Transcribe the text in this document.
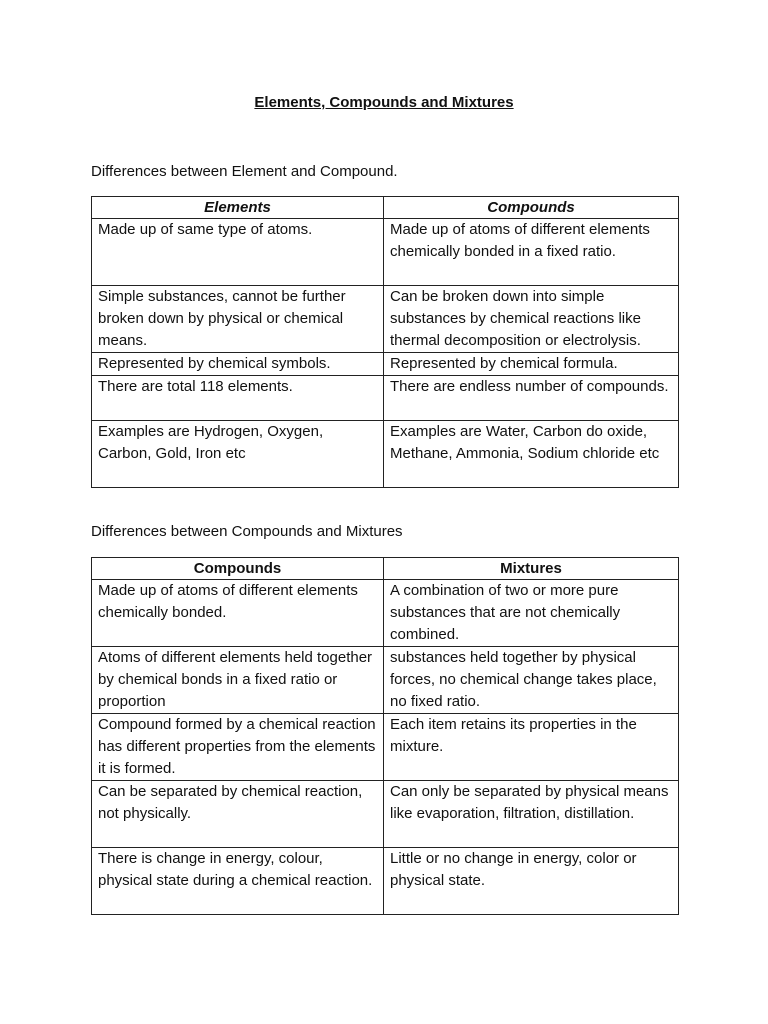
Elements, Compounds and Mixtures
Differences between Element and Compound.
Elements	Compounds
Made up of same type of atoms.	Made up of atoms of different elements chemically bonded in a fixed ratio.
Simple substances, cannot be further broken down by physical or chemical means.	Can be broken down into simple substances by chemical reactions like thermal decomposition or electrolysis.
Represented by chemical symbols.	Represented by chemical formula.
There are total 118 elements.	There are endless number of compounds.
Examples are Hydrogen, Oxygen, Carbon, Gold, Iron etc	Examples are Water, Carbon do oxide, Methane, Ammonia, Sodium chloride etc
Differences between Compounds and Mixtures
Compounds	Mixtures
Made up of atoms of different elements chemically bonded.	A combination of two or more pure substances that are not chemically combined.
Atoms of different elements held together by chemical bonds in a fixed ratio or proportion	substances held together by physical forces, no chemical change takes place, no fixed ratio.
Compound formed by a chemical reaction has different properties from the elements it is formed.	Each item retains its properties in the mixture.
Can be separated by chemical reaction, not physically.	Can only be separated by physical means like evaporation, filtration, distillation.
There is change in energy, colour, physical state during a chemical reaction.	Little or no change in energy, color or physical state.
